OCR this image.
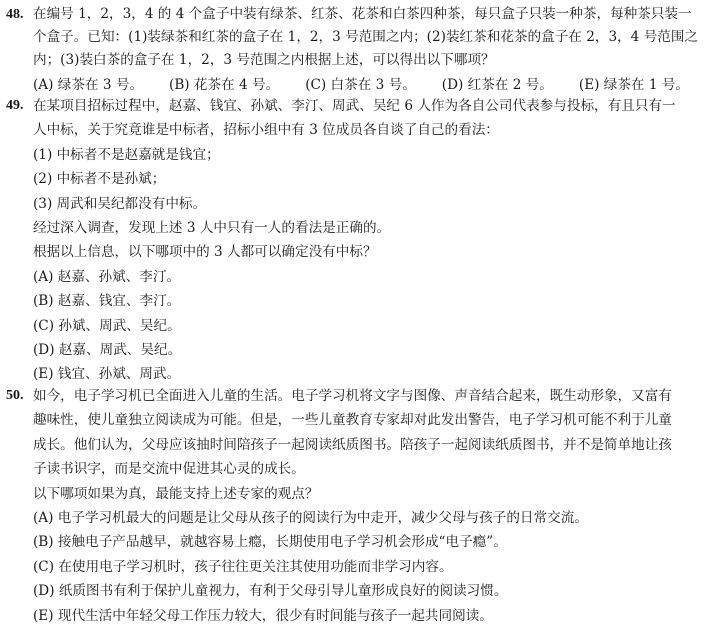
48. 在编号 1，2，3，4 的 4 个盒子中装有绿茶、红茶、花茶和白茶四种茶，每只盒子只装一种茶，每种茶只装一
个盒子。已知：(1)装绿茶和红茶的盒子在 1，2，3 号范围之内；(2)装红茶和花茶的盒子在 2，3，4 号范围之
内；(3)装白茶的盒子在 1，2，3 号范围之内根据上述，可以得出以下哪项？
(A) 绿茶在 3 号。 (B) 花茶在 4 号。 (C) 白茶在 3 号。 (D) 红茶在 2 号。 (E) 绿茶在 1 号。
49. 在某项目招标过程中，赵嘉、钱宜、孙斌、李汀、周武、吴纪 6 人作为各自公司代表参与投标，有且只有一
人中标，关于究竟谁是中标者，招标小组中有 3 位成员各自谈了自己的看法：
(1) 中标者不是赵嘉就是钱宜；
(2) 中标者不是孙斌；
(3) 周武和吴纪都没有中标。
经过深入调查，发现上述 3 人中只有一人的看法是正确的。
根据以上信息，以下哪项中的 3 人都可以确定没有中标？
(A) 赵嘉、孙斌、李汀。
(B) 赵嘉、钱宜、李汀。
(C) 孙斌、周武、吴纪。
(D) 赵嘉、周武、吴纪。
(E) 钱宜、孙斌、周武。
50. 如今，电子学习机已全面进入儿童的生活。电子学习机将文字与图像、声音结合起来，既生动形象，又富有
趣味性，使儿童独立阅读成为可能。但是，一些儿童教育专家却对此发出警告，电子学习机可能不利于儿童
成长。他们认为，父母应该抽时间陪孩子一起阅读纸质图书。陪孩子一起阅读纸质图书，并不是简单地让孩
子读书识字，而是交流中促进其心灵的成长。
以下哪项如果为真，最能支持上述专家的观点？
(A) 电子学习机最大的问题是让父母从孩子的阅读行为中走开，减少父母与孩子的日常交流。
(B) 接触电子产品越早，就越容易上瘾，长期使用电子学习机会形成“电子瘾”。
(C) 在使用电子学习机时，孩子往往更关注其使用功能而非学习内容。
(D) 纸质图书有利于保护儿童视力，有利于父母引导儿童形成良好的阅读习惯。
(E) 现代生活中年轻父母工作压力较大，很少有时间能与孩子一起共同阅读。
